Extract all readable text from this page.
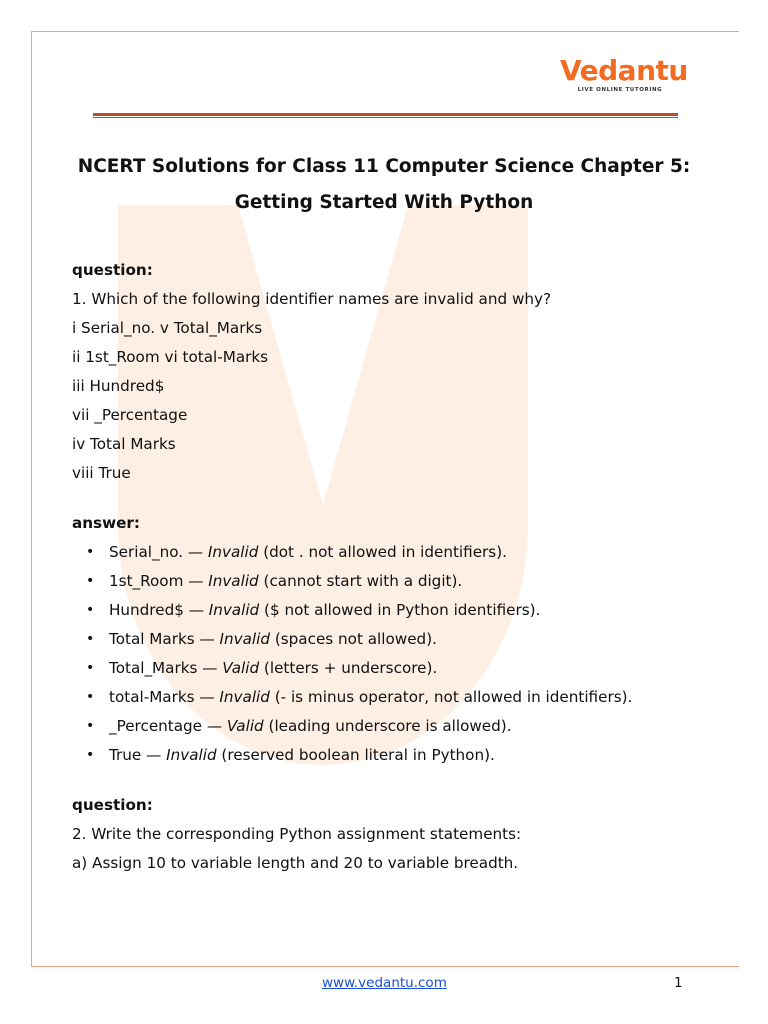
Vedantu
LIVE ONLINE TUTORING
NCERT Solutions for Class 11 Computer Science Chapter 5:
Getting Started With Python
question:
1. Which of the following identifier names are invalid and why?
i Serial_no. v Total_Marks
ii 1st_Room vi total-Marks
iii Hundred$
vii _Percentage
iv Total Marks
viii True
answer:
• Serial_no. — Invalid (dot . not allowed in identifiers).
• 1st_Room — Invalid (cannot start with a digit).
• Hundred$ — Invalid ($ not allowed in Python identifiers).
• Total Marks — Invalid (spaces not allowed).
• Total_Marks — Valid (letters + underscore).
• total-Marks — Invalid (- is minus operator, not allowed in identifiers).
• _Percentage — Valid (leading underscore is allowed).
• True — Invalid (reserved boolean literal in Python).
question:
2. Write the corresponding Python assignment statements:
a) Assign 10 to variable length and 20 to variable breadth.
www.vedantu.com	1
